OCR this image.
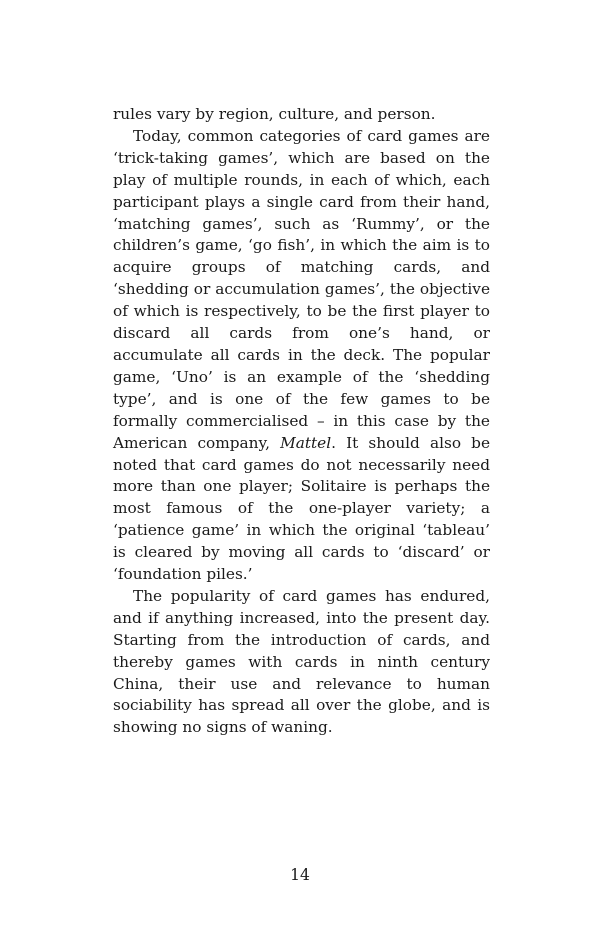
rules vary by region, culture, and person.

Today, common categories of card games are ‘trick-taking games’, which are based on the play of multiple rounds, in each of which, each participant plays a single card from their hand, ‘matching games’, such as ‘Rummy’, or the children’s game, ‘go fish’, in which the aim is to acquire groups of matching cards, and ‘shedding or accumulation games’, the objective of which is respectively, to be the first player to discard all cards from one’s hand, or accumulate all cards in the deck. The popular game, ‘Uno’ is an example of the ‘shedding type’, and is one of the few games to be formally commercialised – in this case by the American company, Mattel. It should also be noted that card games do not necessarily need more than one player; Solitaire is perhaps the most famous of the one-player variety; a ‘patience game’ in which the original ‘tableau’ is cleared by moving all cards to ‘discard’ or ‘foundation piles.’

The popularity of card games has endured, and if anything increased, into the present day. Starting from the introduction of cards, and thereby games with cards in ninth century China, their use and relevance to human sociability has spread all over the globe, and is showing no signs of waning.

14
